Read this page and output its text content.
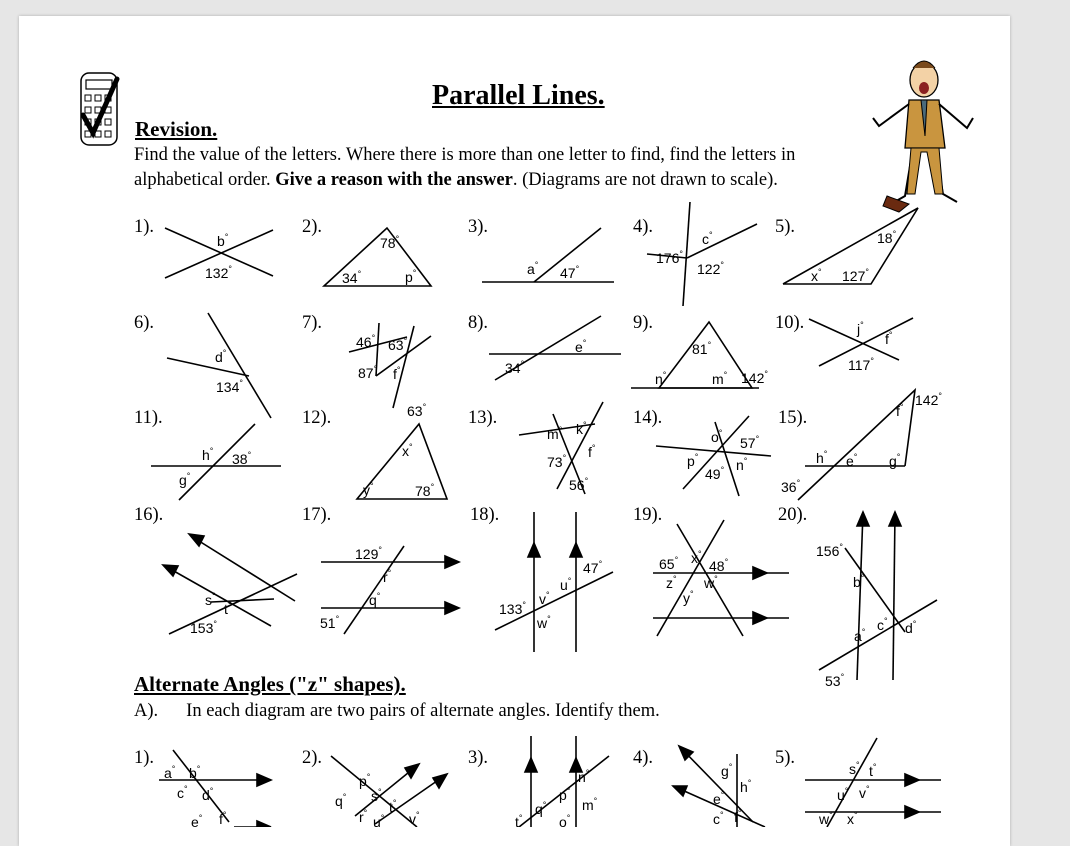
Parallel Lines.
Revision.
Find the value of the letters. Where there is more than one letter to find, find the letters in alphabetical order. Give a reason with the answer. (Diagrams are not drawn to scale).
1).	2).	3).	4).	5).
6).	7).	8).	9).	10).
11).	12).	13).	14).	15).
16).	17).	18).	19).	20).
Alternate Angles ("z" shapes).
A). In each diagram are two pairs of alternate angles. Identify them.
1).	2).	3).	4).	5).
b°
132°
78°
34°	p°	a° 47°
c°
176°
122°
18°
x° 127°
d°
134°
46° 63°
87° f°
e°
34°
81°
n°	m° 142°
j°
f°
117°
h° 38°
g°
63°
x°
y°	78°
m° k°
73° f°
56°
o°
57°
p°	n°
49°
142°
f°
h° e° g°
36°
s°
t°
153°
129°
r°
q°
51°
47°
u°
v°
133°
w°
x°
65° 48°
z° w°
y°
156°
b°
a° c° d°
53°
a° b°
c° d°
e° f°
p°
q° s°
r° t°
u° v°
n°
p°
q°	m°
o°
t°
g°
h°
e°
c° f°
s° t°
u° v°
w° x°
